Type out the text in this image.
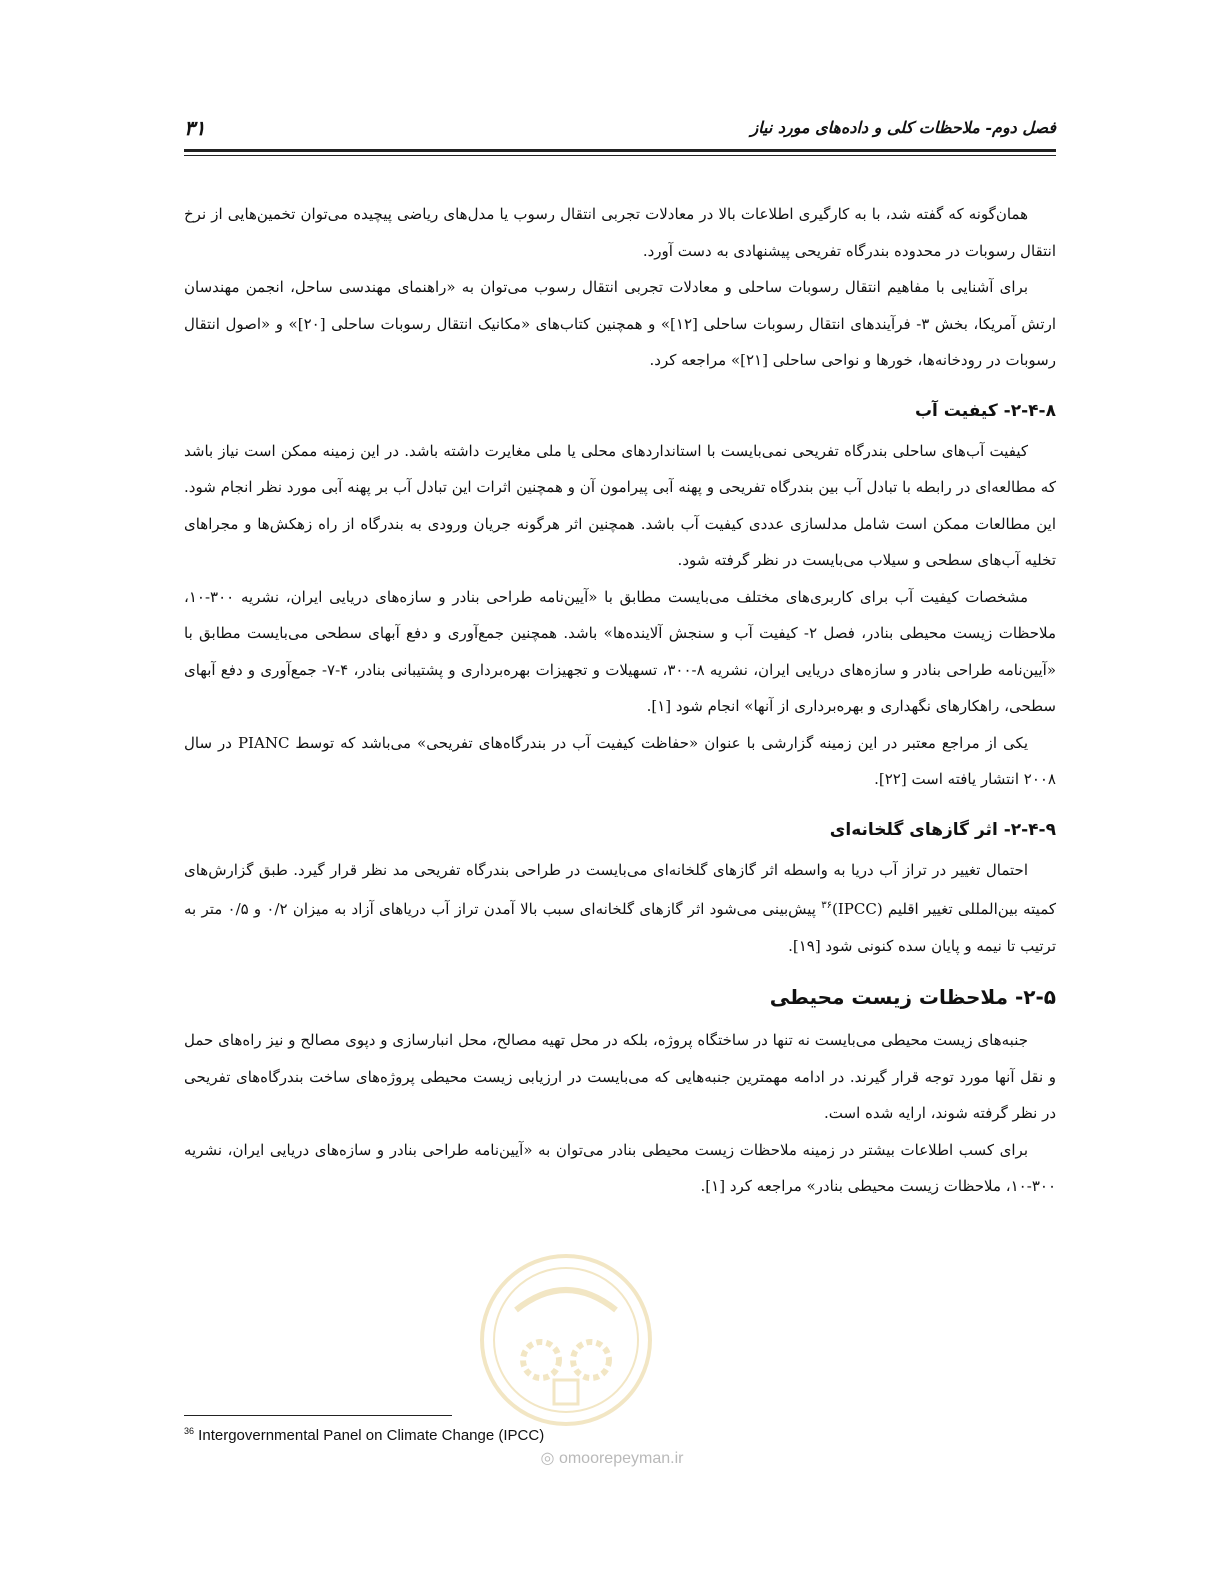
فصل دوم- ملاحظات کلی و داده‌های مورد نیاز
۳۱

همان‌گونه که گفته شد، با به کارگیری اطلاعات بالا در معادلات تجربی انتقال رسوب یا مدل‌های ریاضی پیچیده می‌توان تخمین‌هایی از نرخ انتقال رسوبات در محدوده بندرگاه تفریحی پیشنهادی به دست آورد.

برای آشنایی با مفاهیم انتقال رسوبات ساحلی و معادلات تجربی انتقال رسوب می‌توان به «راهنمای مهندسی ساحل، انجمن مهندسان ارتش آمریکا، بخش ۳- فرآیندهای انتقال رسوبات ساحلی [۱۲]» و همچنین کتاب‌های «مکانیک انتقال رسوبات ساحلی [۲۰]» و «اصول انتقال رسوبات در رودخانه‌ها، خورها و نواحی ساحلی [۲۱]» مراجعه کرد.

۲-۴-۸- کیفیت آب

کیفیت آب‌های ساحلی بندرگاه تفریحی نمی‌بایست با استانداردهای محلی یا ملی مغایرت داشته باشد. در این زمینه ممکن است نیاز باشد که مطالعه‌ای در رابطه با تبادل آب بین بندرگاه تفریحی و پهنه آبی پیرامون آن و همچنین اثرات این تبادل آب بر پهنه آبی مورد نظر انجام شود. این مطالعات ممکن است شامل مدلسازی عددی کیفیت آب باشد. همچنین اثر هرگونه جریان ورودی به بندرگاه از راه زهکش‌ها و مجراهای تخلیه آب‌های سطحی و سیلاب می‌بایست در نظر گرفته شود.

مشخصات کیفیت آب برای کاربری‌های مختلف می‌بایست مطابق با «آیین‌نامه طراحی بنادر و سازه‌های دریایی ایران، نشریه ۳۰۰-۱۰، ملاحظات زیست محیطی بنادر، فصل ۲- کیفیت آب و سنجش آلاینده‌ها» باشد. همچنین جمع‌آوری و دفع آبهای سطحی می‌بایست مطابق با «آیین‌نامه طراحی بنادر و سازه‌های دریایی ایران، نشریه ۸-۳۰۰، تسهیلات و تجهیزات بهره‌برداری و پشتیبانی بنادر، ۴-۷- جمع‌آوری و دفع آبهای سطحی، راهکارهای نگهداری و بهره‌برداری از آنها» انجام شود [۱].

یکی از مراجع معتبر در این زمینه گزارشی با عنوان «حفاظت کیفیت آب در بندرگاه‌های تفریحی» می‌باشد که توسط PIANC در سال ۲۰۰۸ انتشار یافته است [۲۲].

۲-۴-۹- اثر گازهای گلخانه‌ای

احتمال تغییر در تراز آب دریا به واسطه اثر گازهای گلخانه‌ای می‌بایست در طراحی بندرگاه تفریحی مد نظر قرار گیرد. طبق گزارش‌های کمیته بین‌المللی تغییر اقلیم (IPCC)$^{۳۶}$ پیش‌بینی می‌شود اثر گازهای گلخانه‌ای سبب بالا آمدن تراز آب دریاهای آزاد به میزان ۰/۲ و ۰/۵ متر به ترتیب تا نیمه و پایان سده کنونی شود [۱۹].

۲-۵- ملاحظات زیست محیطی

جنبه‌های زیست محیطی می‌بایست نه تنها در ساختگاه پروژه، بلکه در محل تهیه مصالح، محل انبارسازی و دپوی مصالح و نیز راه‌های حمل و نقل آنها مورد توجه قرار گیرند. در ادامه مهمترین جنبه‌هایی که می‌بایست در ارزیابی زیست محیطی پروژه‌های ساخت بندرگاه‌های تفریحی در نظر گرفته شوند، ارایه شده است.

برای کسب اطلاعات بیشتر در زمینه ملاحظات زیست محیطی بنادر می‌توان به «آیین‌نامه طراحی بنادر و سازه‌های دریایی ایران، نشریه ۳۰۰-۱۰، ملاحظات زیست محیطی بنادر» مراجعه کرد [۱].

$^{36}$ Intergovernmental Panel on Climate Change (IPCC)
◎ omoorepeyman.ir
